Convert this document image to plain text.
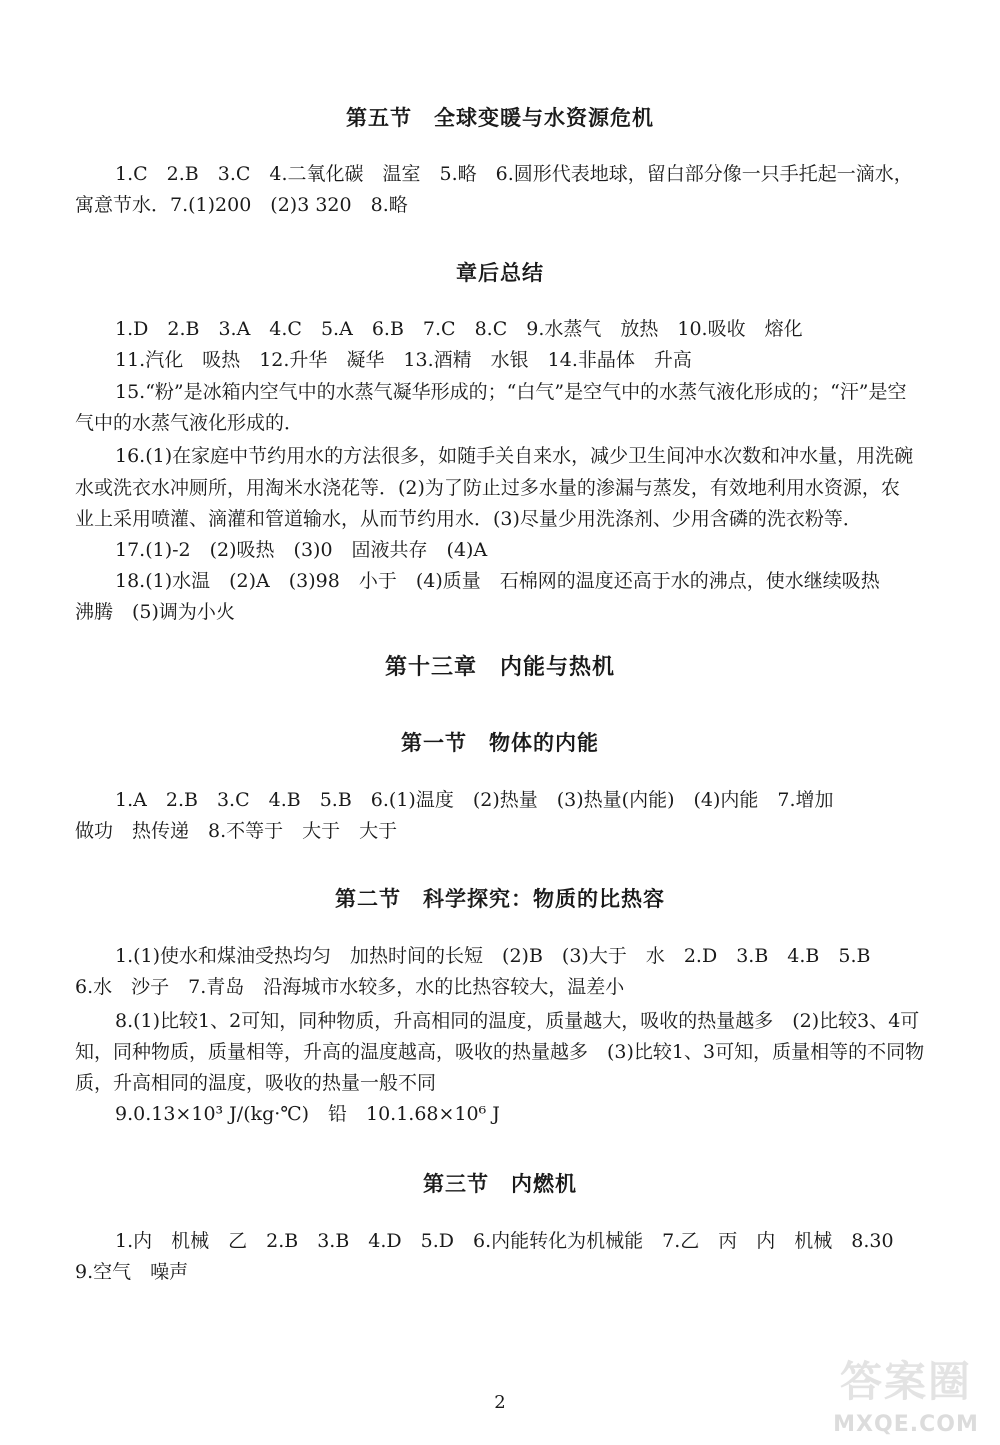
第五节　全球变暖与水资源危机
1.C　2.B　3.C　4.二氧化碳　温室　5.略　6.圆形代表地球，留白部分像一只手托起一滴水，
寓意节水．7.(1)200　(2)3 320　8.略
章后总结
1.D　2.B　3.A　4.C　5.A　6.B　7.C　8.C　9.水蒸气　放热　10.吸收　熔化
11.汽化　吸热　12.升华　凝华　13.酒精　水银　14.非晶体　升高
15.“粉”是冰箱内空气中的水蒸气凝华形成的；“白气”是空气中的水蒸气液化形成的；“汗”是空
气中的水蒸气液化形成的．
16.(1)在家庭中节约用水的方法很多，如随手关自来水，减少卫生间冲水次数和冲水量，用洗碗
水或洗衣水冲厕所，用淘米水浇花等．(2)为了防止过多水量的渗漏与蒸发，有效地利用水资源，农
业上采用喷灌、滴灌和管道输水，从而节约用水．(3)尽量少用洗涤剂、少用含磷的洗衣粉等．
17.(1)-2　(2)吸热　(3)0　固液共存　(4)A
18.(1)水温　(2)A　(3)98　小于　(4)质量　石棉网的温度还高于水的沸点，使水继续吸热
沸腾　(5)调为小火
第十三章　内能与热机
第一节　物体的内能
1.A　2.B　3.C　4.B　5.B　6.(1)温度　(2)热量　(3)热量(内能)　(4)内能　7.增加
做功　热传递　8.不等于　大于　大于
第二节　科学探究：物质的比热容
1.(1)使水和煤油受热均匀　加热时间的长短　(2)B　(3)大于　水　2.D　3.B　4.B　5.B
6.水　沙子　7.青岛　沿海城市水较多，水的比热容较大，温差小
8.(1)比较1、2可知，同种物质，升高相同的温度，质量越大，吸收的热量越多　(2)比较3、4可
知，同种物质，质量相等，升高的温度越高，吸收的热量越多　(3)比较1、3可知，质量相等的不同物
质，升高相同的温度，吸收的热量一般不同
9.0.13×10³ J/(kg·℃)　铅　10.1.68×10⁶ J
第三节　内燃机
1.内　机械　乙　2.B　3.B　4.D　5.D　6.内能转化为机械能　7.乙　丙　内　机械　8.30
9.空气　噪声
2	答案圈
MXQE.COM
